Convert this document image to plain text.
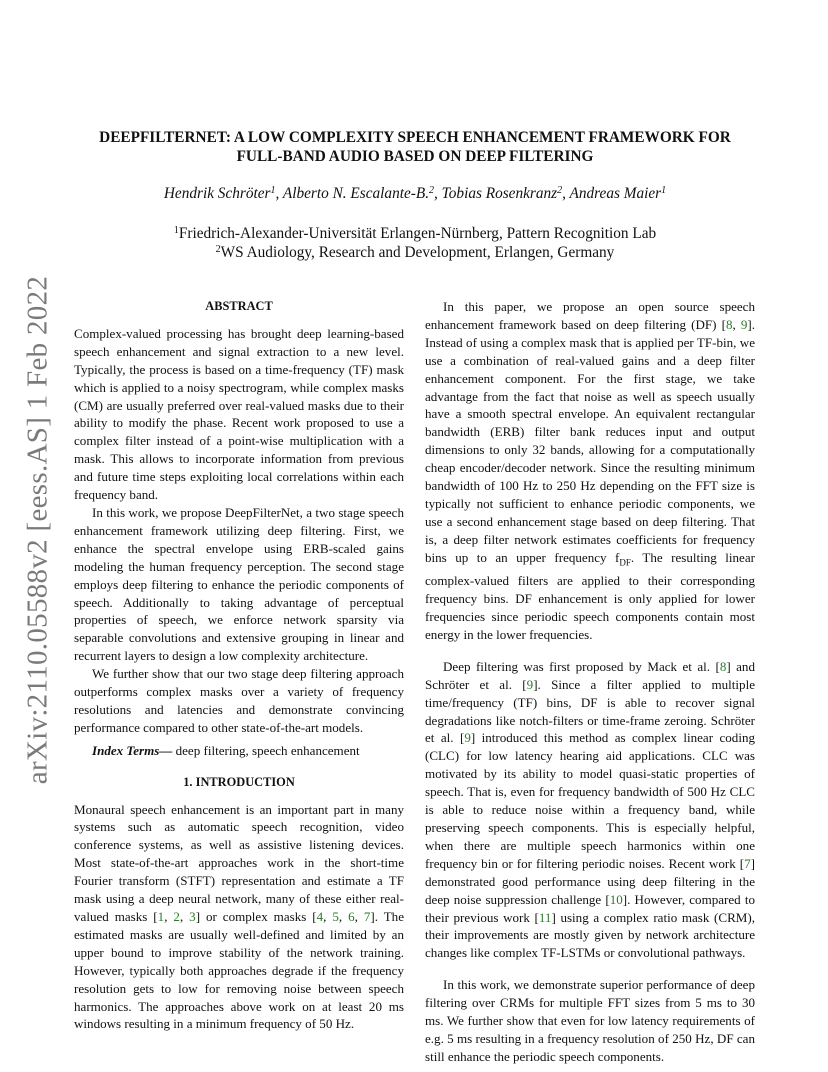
arXiv:2110.05588v2 [eess.AS] 1 Feb 2022
DEEPFILTERNET: A LOW COMPLEXITY SPEECH ENHANCEMENT FRAMEWORK FOR
FULL-BAND AUDIO BASED ON DEEP FILTERING
Hendrik Schröter$^1$, Alberto N. Escalante-B.$^2$, Tobias Rosenkranz$^2$, Andreas Maier$^1$
$^1$Friedrich-Alexander-Universität Erlangen-Nürnberg, Pattern Recognition Lab
$^2$WS Audiology, Research and Development, Erlangen, Germany
ABSTRACT

Complex-valued processing has brought deep learning-based speech enhancement and signal extraction to a new level. Typically, the process is based on a time-frequency (TF) mask which is applied to a noisy spectrogram, while complex masks (CM) are usually preferred over real-valued masks due to their ability to modify the phase. Recent work proposed to use a complex filter instead of a point-wise multiplication with a mask. This allows to incorporate information from previous and future time steps exploiting local correlations within each frequency band.

In this work, we propose DeepFilterNet, a two stage speech enhancement framework utilizing deep filtering. First, we enhance the spectral envelope using ERB-scaled gains modeling the human frequency perception. The second stage employs deep filtering to enhance the periodic components of speech. Additionally to taking advantage of perceptual properties of speech, we enforce network sparsity via separable convolutions and extensive grouping in linear and recurrent layers to design a low complexity architecture.

We further show that our two stage deep filtering approach outperforms complex masks over a variety of frequency resolutions and latencies and demonstrate convincing performance compared to other state-of-the-art models.

Index Terms— deep filtering, speech enhancement

1. INTRODUCTION

Monaural speech enhancement is an important part in many systems such as automatic speech recognition, video conference systems, as well as assistive listening devices. Most state-of-the-art approaches work in the short-time Fourier transform (STFT) representation and estimate a TF mask using a deep neural network, many of these either real-valued masks [1, 2, 3] or complex masks [4, 5, 6, 7]. The estimated masks are usually well-defined and limited by an upper bound to improve stability of the network training. However, typically both approaches degrade if the frequency resolution gets to low for removing noise between speech harmonics. The approaches above work on at least 20 ms windows resulting in a minimum frequency of 50 Hz.

In this paper, we propose an open source speech enhancement framework based on deep filtering (DF) [8, 9]. Instead of using a complex mask that is applied per TF-bin, we use a combination of real-valued gains and a deep filter enhancement component. For the first stage, we take advantage from the fact that noise as well as speech usually have a smooth spectral envelope. An equivalent rectangular bandwidth (ERB) filter bank reduces input and output dimensions to only 32 bands, allowing for a computationally cheap encoder/decoder network. Since the resulting minimum bandwidth of 100 Hz to 250 Hz depending on the FFT size is typically not sufficient to enhance periodic components, we use a second enhancement stage based on deep filtering. That is, a deep filter network estimates coefficients for frequency bins up to an upper frequency $f_{DF}$. The resulting linear complex-valued filters are applied to their corresponding frequency bins. DF enhancement is only applied for lower frequencies since periodic speech components contain most energy in the lower frequencies.

Deep filtering was first proposed by Mack et al. [8] and Schröter et al. [9]. Since a filter applied to multiple time/frequency (TF) bins, DF is able to recover signal degradations like notch-filters or time-frame zeroing. Schröter et al. [9] introduced this method as complex linear coding (CLC) for low latency hearing aid applications. CLC was motivated by its ability to model quasi-static properties of speech. That is, even for frequency bandwidth of 500 Hz CLC is able to reduce noise within a frequency band, while preserving speech components. This is especially helpful, when there are multiple speech harmonics within one frequency bin or for filtering periodic noises. Recent work [7] demonstrated good performance using deep filtering in the deep noise suppression challenge [10]. However, compared to their previous work [11] using a complex ratio mask (CRM), their improvements are mostly given by network architecture changes like complex TF-LSTMs or convolutional pathways.

In this work, we demonstrate superior performance of deep filtering over CRMs for multiple FFT sizes from 5 ms to 30 ms. We further show that even for low latency requirements of e.g. 5 ms resulting in a frequency resolution of 250 Hz, DF can still enhance the periodic speech components.
